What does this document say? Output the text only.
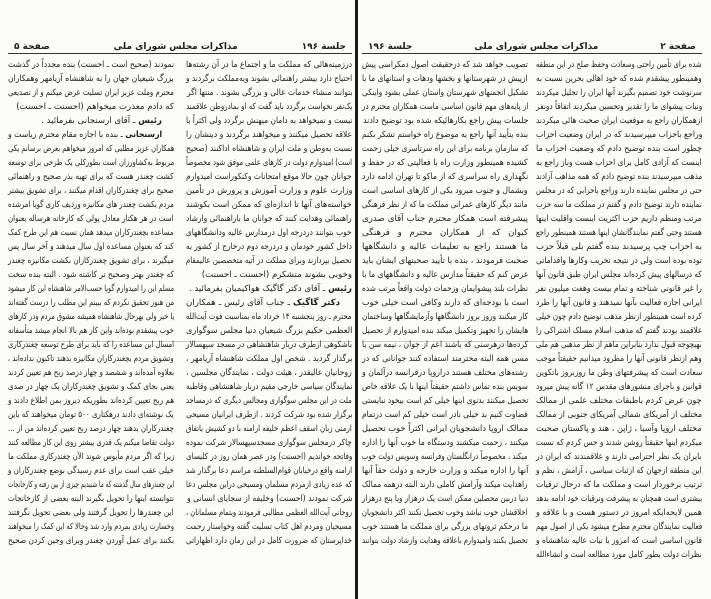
جلسة ۱۹۶
مذاکرات مجلس شورای ملی
صفحة ۵
درزمینه‌هائی که مملکت ما و اجتماع ما در آن رشته‌ها
احتیاج دارد بیشتر راهنمائی بشوند وبه‌مملکت برگردند و
بتوانند منشاء خدمات عالی و بزرگی بشوند . منتها اگر
یک‌نفر نخواست برگردد باید گفت که او بمادروطن علاقمند
نیست و نمیخواهد به دامان میهنش برگردد ولی اکثراً با
علاقه تحصیل میکنند و میخواهند برگردند و دینشان را
نسبت به‌وطن و ملت ایران و شاهنشاه اداکنند (صحیح
است) امیدوارم دولت در کارهای علمی موفق شود مخصوصاً
جوانان چون حالا موقع امتحانات وکنکوراست امیدوارم
وزارت علوم و وزارت آموزش و پرورش در تأمین
خواسته‌های آنها تا اندازه‌ای که ممکن است بکوشند
راهنمائی وهدایت کنند که جوانان ما باراهنمائی وارشاد
خوب بتوانند دردرجه اول درمدارس عالیه ودانشگاههای
داخل کشور خودمان و دردرجه دوم درخارج از کشور به
تحصیل بپردازند وبرای مملکت در آتیه متخصصین عالیمقام
وخوبی بشوند متشکرم (احسنت ـ احسنت)
رئیس ـ آقای دکتر گاگیک هواکیمیان بفرمائید .
دکتر گاگیک ـ جناب آقای رئیس ـ همکاران
محترم ـ روز پنجشنبه ۱۴ خرداد ماه بمناسبت فوت آیت‌الله
العظمی حکیم بزرگ شیعیان دنیا مجلس سوگواری
باشکوهی ازطرف دربار شاهنشاهی در مسجد سپهسالار
برگذار گردید . شخص اول مملکت شاهنشاه آریامهر ،
روحانیان عالیقدر ، هیئت دولت ، نمایندگان مجلسین ،
نمایندگان سیاسی خارجی مقیم دربار شاهنشاهی وقاطبه
ملت در این مجلس سوگواری ومجالس دیگری که درمساجد
برگزار شده بود شرکت کردند . ازطرف ایرانیان مسیحی
ارمنی زبان اسقف اعظم خلیفه ارامنه با دو کشیش باتفاق
چاکر درمجلس سوگواری مسجدسپهسالار شرکت نموده
وفاتحه خواندیم (احسنت) ودر عصر همان روز در کلیسای
ارامنه واقع درخیابان قوام‌السلطنه مراسم دعا برگذار شد
که عده زیادی ازمردم مسلمان ومسیحی دراین مجلس دعا
شرکت نمودند (احسنت) وخلیفه از سجایای انسانی و
روحانی آیت‌الله العظمی مطالبی فرمودند وبتمام مسلمانان ،
مسیحیان ومردم اهل کتاب تسلیت گفته وخواستار رحمت
خداپرستان که ضرورت کامل در این زمان دارد اظهاراتی
نمودند (صحیح است ـ احسنت) بنده مجدداً در گذشت
بزرگ شیعیان جهان را به شاهنشاه آریامهر وهمکاران
محترم وملت عزیز ایران تسلیت عرض میکنم و از تصدیعی
که دادم معذرت میخواهم (احسنت ـ احسنت)
رئیس ـ آقای ارسنجانی بفرمائید .
ارسنجانی ـ بنده با اجازه مقام محترم ریاست و
همکاران عزیز مطلبی که امروز میخواهم بعرض برسانم یکی
مربوط به‌کشاورزان است بطورکلی یک طرحی برای توسعه
کشت چغندر هست که برای تهیه بذر صحیح و راهنمائی
صحیح برای چغندرکاران اقدام میکنند ، برای تشویق بیشتر
مردم بکشت چغندر های مکانیزه وردیف کاری گویا امرشده
است در هر هکتار معادل پولی که کارخانه هرساله بعنوان
مساعده بچغندرکاران میدهد همان نسبت هم این طرح کمک
کند که بعنوان مساعده اول سال میدهند و آخر سال پس
میگیرند ، برای تشویق چغندرکاران بکشت مکانیزه چغندر
که چغندر بهتر وصحیح تر کاشته شود . البته بنده سخت
مسلم این را امیدوارم گویا حسب‌الامر شاهنشاه این کار میشود
من هنوز تحقیق نکردم که ببینم این مطلب را درست گفته‌اند
یا خیر ولی بهرحال شاهنشاه همیشه مشوق مردم ودر کارهای
خوب پیشقدم بوده‌اند واین کار هم بالا انجام میشد متأسفانه
امسال این مساعده را که باید برای طرح توسعه چغندرکاری
وتشویق مردم بچغندرکاران مکانیزه بدهند تاکنون نداده‌اند ،
بعلاوه آمده‌اند و ششصد و چهار درصد ربح هم تعیین کردند
یعنی بجای کمک و تشویق چغندرکاران یک چهار در صدی
هم ربح تعیین کرده‌اند بطوریکه دیروز بمن اطلاع دادند و
یک نوشته‌ای دادند درهکتاری ۵۰۰ تومان میخواهند که باین
چغندرکاران بدهند چهار درصد ربح تعیین کرده‌اند من از ...
دولت تقاضا میکنم یک قدری بیشتر روی این کار مطالعه کنند
زیرا که اگر مردم مأیوس شوند الآن چغندرکاری مملکت ما
خیلی عقب است برای عدم رسیدگی بوضع چغندرکاران و
این چغندرهای سال گذشته که ما شنیدیم چیزی از بین رفته و کارخانجات
نتوانسته اینها را تحویل بگیرند البته بعضی از کارخانجات
این چغندرها را تحویل گرفتند ولی بعضی تحویل نگرفتند
وخسارت زیادی بمردم وارد شد وحالا که این کمک را میخواهند
بکنند برای عمل آوردن چغندر وبرای وجین کردن صحیح
صفحة ۲
مذاکرات مجلس شورای ملی
جلسة ۱۹۶
شده برای تأمین راحتی وسعادت وحفظ صلح در این منطقه
وهمینطور پیشقدم شده که خود اهالی بحرین نسبت به
سرنوشت خود تصمیم بگیرند آنها ایران را تجلیل میکردند
ونیات پیشوای ما را تقدیر وتحسین میکردند اتفاقاً دونفر
ازهمکاران راجع به موقعیت ایران صحبت هائی میکردند
وراجع باحزاب میپرسیدند که در ایران وضعیت احزاب
چطور است بنده توضیح دادم که وضعیت احزاب ما
اینست که آزادی کامل برای احزاب هست وباز راجع به
مذهب میپرسیدند بنده توضیح دادم که همه مذاهب آزادند
حتی در مجلس نماینده دارند وراجع باحزابی که در مجلس
نماینده دارند توضیح دادم و گفتم در مملکت ما سه حزب
مرتب ومنظم داریم حزب اکثریت اینست واقلیت اینها
هستند وحتی گفتم نمایندگانشان اینها هستند همینطور راجع
به احزاب چپ پرسیدند بنده گفتم بلی قبلاً حزب
توده بوده است ولی در نتیجه تخریب وکارها واقداماتی
که درسالهای پیش کرده‌اند مجلس ایران طبق قانون آنها
را غیر قانونی شناخته و تمام بیست وهفت میلیون نفر
ایرانی اجازه فعالیت بآنها نمیدهند و قانون آنها را طرد
کرده است همینطور ازنظر مذهب توضیح دادم چون خیلی
علاقمند بودند گفتم که مذهب اسلام مسلک اشتراکی را
بهیچوجه قبول ندارد بنابراین ماهم از نظر مذهبی هم ملی
وهم ازنظر قانونی آنها را مطرود میدانیم حقیقتاً موجب
سعادت است که پیشرفتهای وطن ما روزبروز باتکوین
قوانین و باجرای منشورهای مقدس ۱۲ گانه پیش میرود
چون عرض کردم باطبقات مختلف علمی از ممالک
مختلف از آمریکای شمالی آمریکای جنوبی از ممالک
مختلف اروپا وآسیا ، ژاپن ، هند و پاکستان صحبت
میکردم اینها حقیقتاً روشن شدند و حس کردم که نسبت
بایران یک نظر احترامی دارند و علاقمندند که ایران در
این منطقه ازجهان که ازثبات سیاسی ، آرامش ، نظم و
ترتیب برخوردار است و مملکت ما که درحال ترقیات
بیشتری است همچنان به پیشرفت وترقیات خود ادامه بدهد
همین لایحه‌ایکه امروز در دستور هست و با علاقه و
فعالیت نمایندگان محترم مطرح میشود یکی از اصول مهم
قانون اساسی است که امروز با نیات عالیه شاهنشاه و
نظرات دولت بطور کامل مورد مطالعه است و انشاءالله
تصویب خواهد شد که درحقیقت اصول دمکراسی پیش
ازپیش در شهرستانها و بخشها ودهات و استانهای ما با
تشکیل انجمنهای شهرستان واستان عملی بشود واینکی
از پایه‌های مهم قانون اساسی ماست همکاران محترم در
جلسات پیش راجع بکارهائیکه شده بود توضیح دادند
بنده بتأیید آنها راجع به موضوع راه خواستم تشکر بکنم
که سازمان برنامه برای این راه سرتاسری خیلی زحمت
کشیده همینطور وزارت راه با فعالیتی که در حفظ و
نگهداری راه سراسری که از ماکو تا تهران ادامه دارد
وبشمال و جنوب میرود یکی از کارهای اساسی است
مانند دیگر کارهای عمرانی مملکت ما که از نظر فرهنگی
پیشرفته است همکار محترم جناب آقای صدری
کیوان که از همکاران محترم و فرهنگی
ما هستند راجع به تعلیمات عالیه و دانشگاهها
صحبت فرمودند ، بنده با تأیید صحبتهای ایشان باید
عرض کنم که حقیقتاً مدارس عالیه و دانشگاههای ما با
نظرات بلند پیشوایمان وزحمات دولت واقعاً مرتب شده
است با بودجه‌ای که دارند وکافی است خیلی خوب
کار میکنند وروز بروز دانشگاهها وآزمایشگاهها وساختمان
هایشان را تجهیز وتکمیل میکند بنده امیدوارم از تحصیل
کرده‌ها درهرسنی که باشند اعم از جوان ، نیمه سن یا
مسن همه البته محترمند استفاده کنند جوانانی که در
رشته‌های مختلف هستند دراروپا درفرانسه درآلمان و
سویس بنده تماس داشتم حقیقتاً اینها با یک علاقه خاص
تحصیل میکنند بدنوی اینها خیلی کم است بیخود نبایستی
قضاوت کنیم بد خیلی نادر است خیلی کم است درتمام
ممالک اروپا دانشجویان ایرانی اکثراً خوب تحصیل
میکنند ، زحمت میکشند ودستگاه ما خوب آنها را اداره
میکند ، مخصوصاً درانگلستان وفرانسه وسویس دولت خوب
آنها را اداره میکند و وزارت خارجه و دولت حقاً آنها
راهدایت میکند وآرامش کاملی دارند البته درهمه ممالک
دنیا دربین محصلین ممکن است یک درهزار ویا پنج درهزار
اخلاقشان خوب نباشد وخوب تحصیل نکنند اکثر دانشجویان
ما درحکم ثروتهای بزرگی برای مملکت ما هستند خوب
تحصیل بکنند وامیدوارم باعلاقه وهدایت وارشاد دولت بتوانند
